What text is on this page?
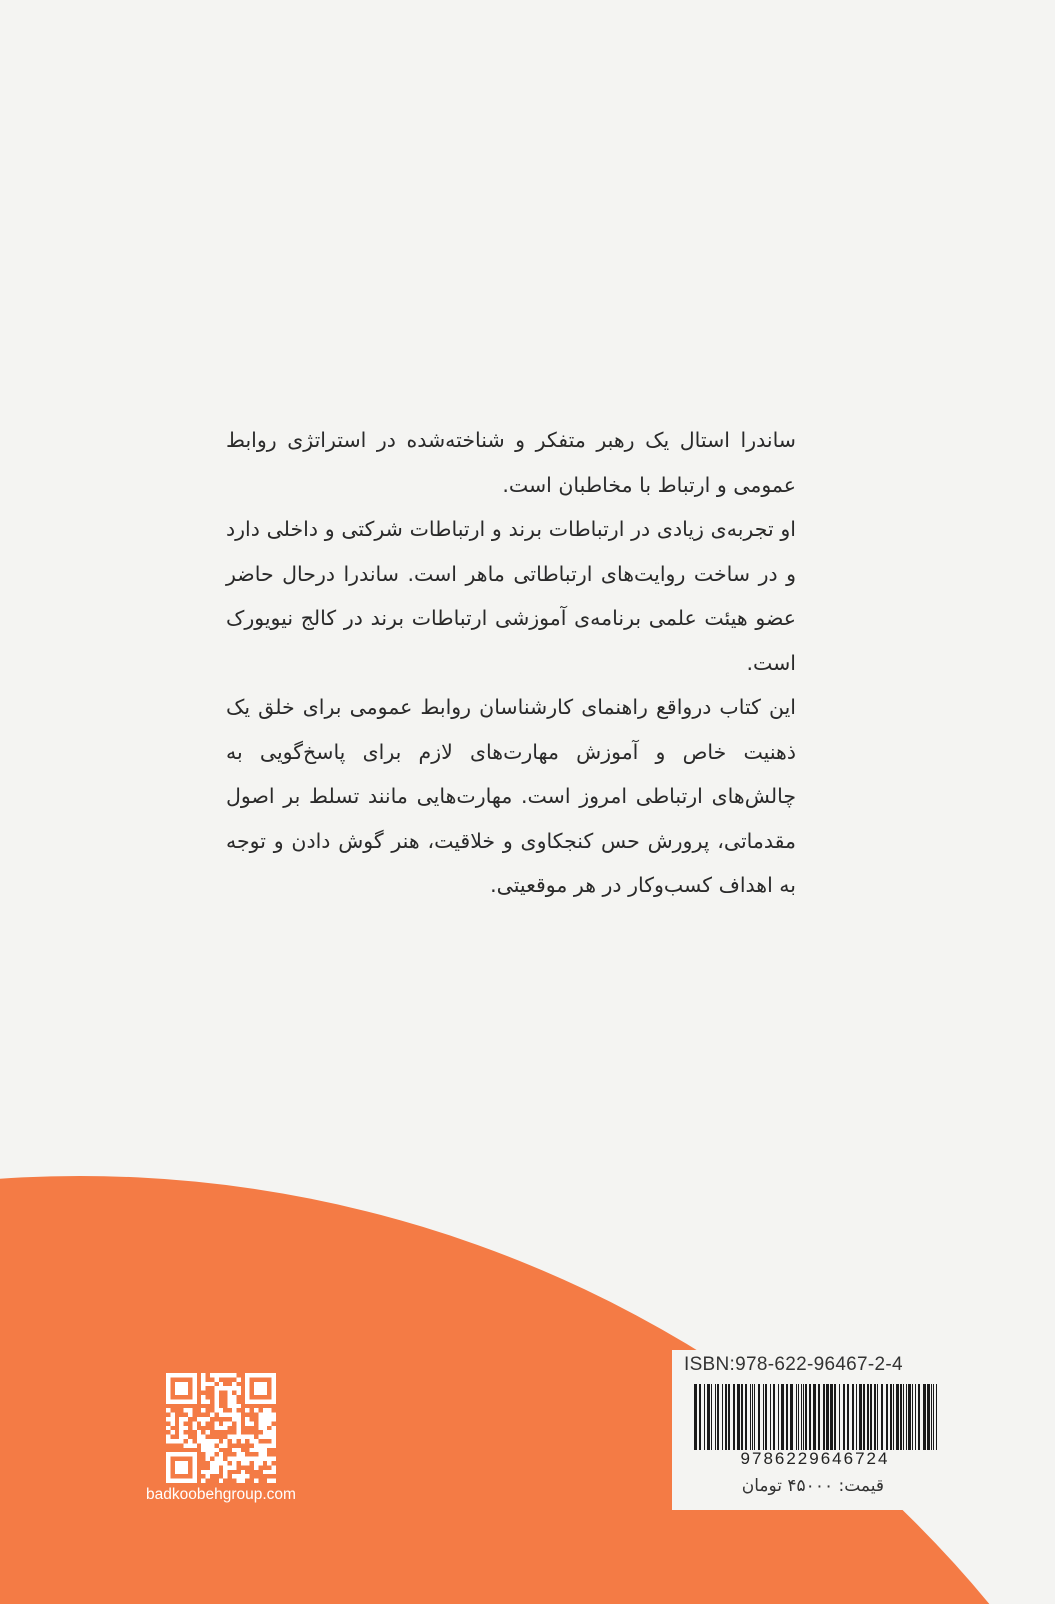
ساندرا استال یک رهبر متفکر و شناخته‌شده در استراتژی روابط عمومی و ارتباط با مخاطبان است.

او تجربه‌ی زیادی در ارتباطات برند و ارتباطات شرکتی و داخلی دارد و در ساخت روایت‌های ارتباطاتی ماهر است. ساندرا درحال حاضر عضو هیئت علمی برنامه‌ی آموزشی ارتباطات برند در کالج نیویورک است.

این کتاب درواقع راهنمای کارشناسان روابط عمومی برای خلق یک ذهنیت خاص و آموزش مهارت‌های لازم برای پاسخ‌گویی به چالش‌های ارتباطی امروز است. مهارت‌هایی مانند تسلط بر اصول مقدماتی، پرورش حس کنجکاوی و خلاقیت، هنر گوش دادن و توجه به اهداف کسب‌وکار در هر موقعیتی.

badkoobehgroup.com
ISBN:978-622-96467-2-4
9786229646724
قیمت: ۴۵۰۰۰ تومان
